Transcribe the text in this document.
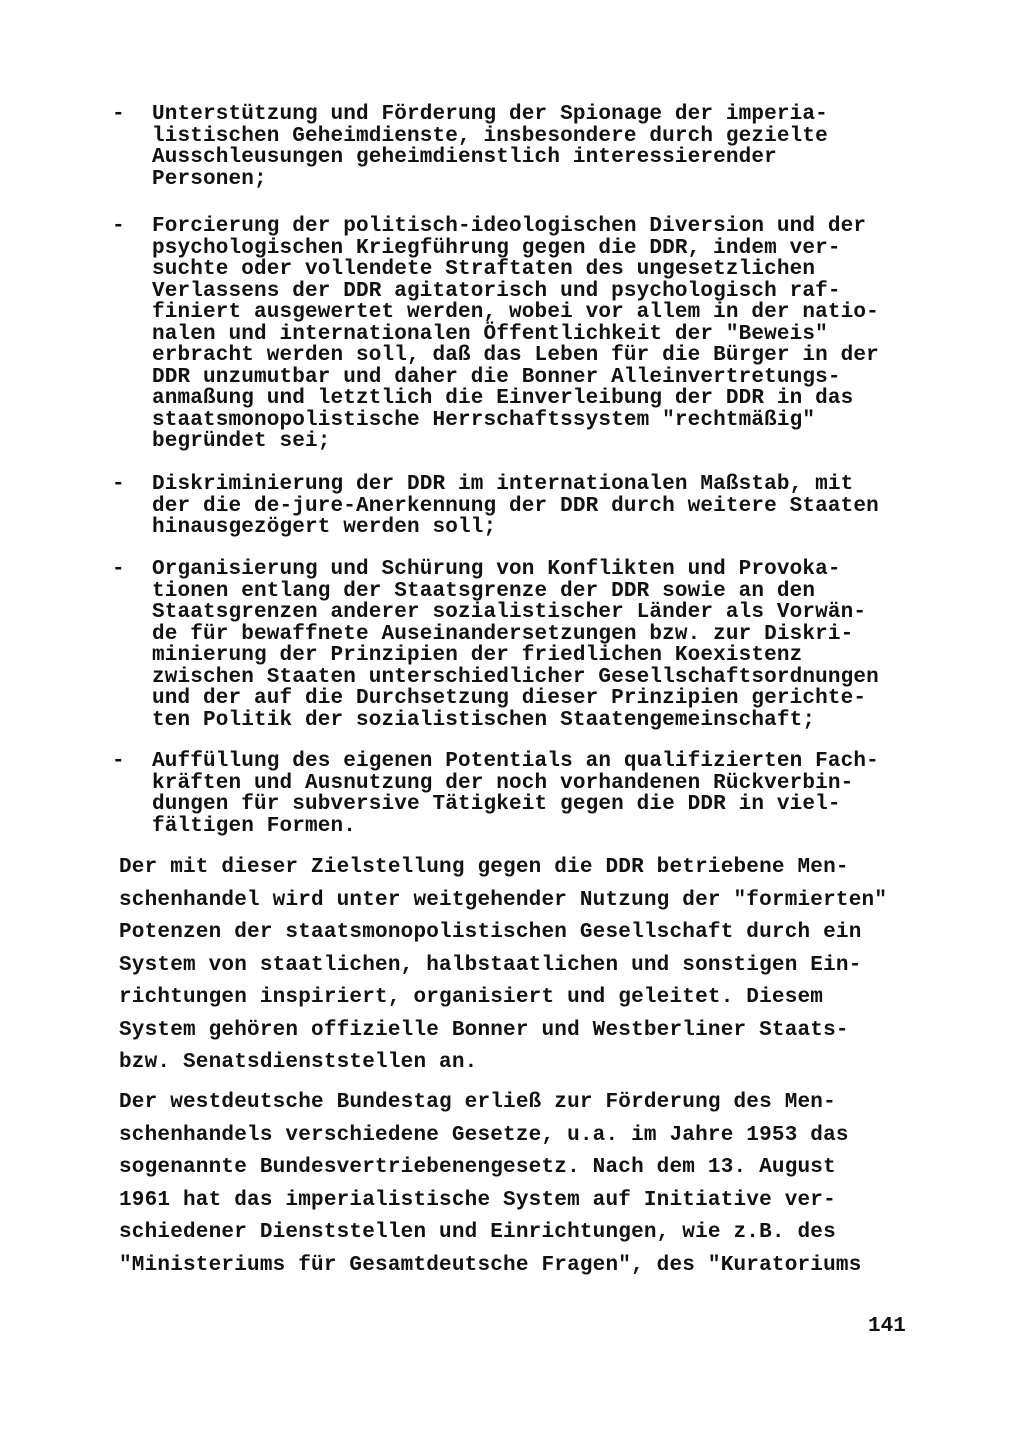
-	Unterstützung und Förderung der Spionage der imperia-
listischen Geheimdienste, insbesondere durch gezielte
Ausschleusungen geheimdienstlich interessierender
Personen;
-	Forcierung der politisch-ideologischen Diversion und der
psychologischen Kriegführung gegen die DDR, indem ver-
suchte oder vollendete Straftaten des ungesetzlichen
Verlassens der DDR agitatorisch und psychologisch raf-
finiert ausgewertet werden, wobei vor allem in der natio-
nalen und internationalen Öffentlichkeit der "Beweis"
erbracht werden soll, daß das Leben für die Bürger in der
DDR unzumutbar und daher die Bonner Alleinvertretungs-
anmaßung und letztlich die Einverleibung der DDR in das
staatsmonopolistische Herrschaftssystem "rechtmäßig"
begründet sei;
-	Diskriminierung der DDR im internationalen Maßstab, mit
der die de-jure-Anerkennung der DDR durch weitere Staaten
hinausgezögert werden soll;
-	Organisierung und Schürung von Konflikten und Provoka-
tionen entlang der Staatsgrenze der DDR sowie an den
Staatsgrenzen anderer sozialistischer Länder als Vorwän-
de für bewaffnete Auseinandersetzungen bzw. zur Diskri-
minierung der Prinzipien der friedlichen Koexistenz
zwischen Staaten unterschiedlicher Gesellschaftsordnungen
und der auf die Durchsetzung dieser Prinzipien gerichte-
ten Politik der sozialistischen Staatengemeinschaft;
-	Auffüllung des eigenen Potentials an qualifizierten Fach-
kräften und Ausnutzung der noch vorhandenen Rückverbin-
dungen für subversive Tätigkeit gegen die DDR in viel-
fältigen Formen.
Der mit dieser Zielstellung gegen die DDR betriebene Men-
schenhandel wird unter weitgehender Nutzung der "formierten"
Potenzen der staatsmonopolistischen Gesellschaft durch ein
System von staatlichen, halbstaatlichen und sonstigen Ein-
richtungen inspiriert, organisiert und geleitet. Diesem
System gehören offizielle Bonner und Westberliner Staats-
bzw. Senatsdienststellen an.
Der westdeutsche Bundestag erließ zur Förderung des Men-
schenhandels verschiedene Gesetze, u.a. im Jahre 1953 das
sogenannte Bundesvertriebenengesetz. Nach dem 13. August
1961 hat das imperialistische System auf Initiative ver-
schiedener Dienststellen und Einrichtungen, wie z.B. des
"Ministeriums für Gesamtdeutsche Fragen", des "Kuratoriums
141
